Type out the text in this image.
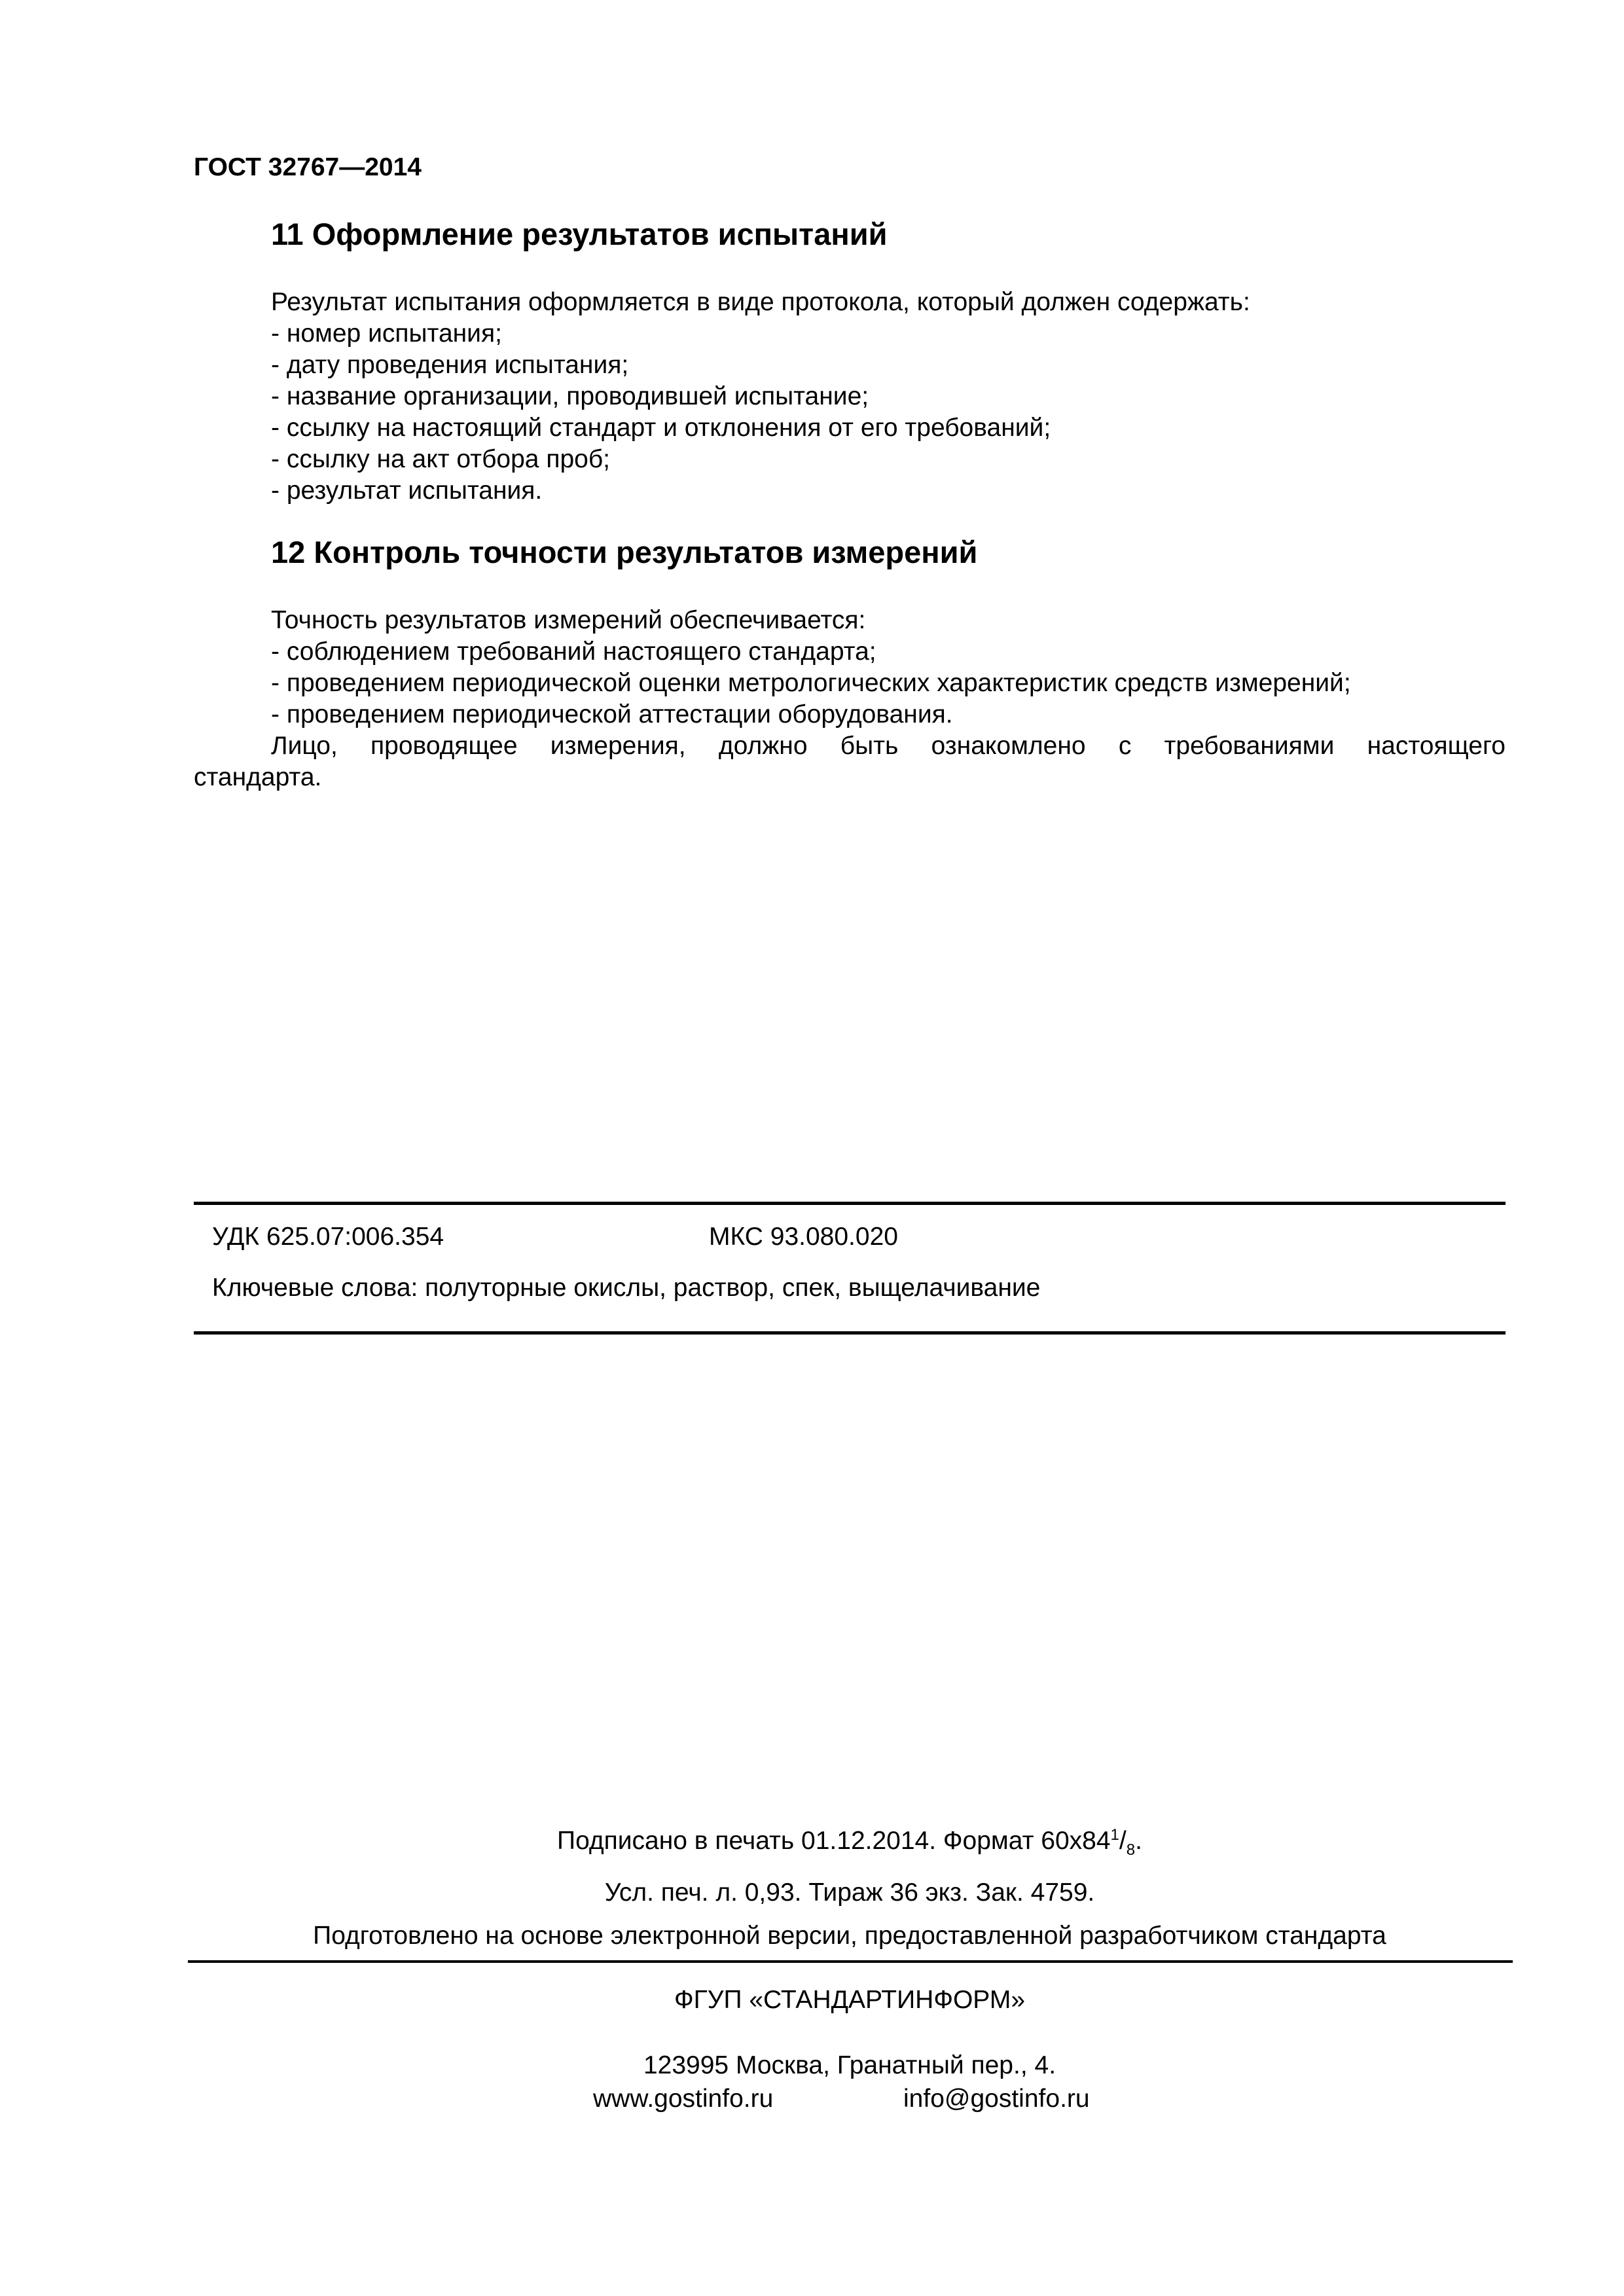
ГОСТ 32767—2014
11 Оформление результатов испытаний
Результат испытания оформляется в виде протокола, который должен содержать:
- номер испытания;
- дату проведения испытания;
- название организации, проводившей испытание;
- ссылку на настоящий стандарт и отклонения от его требований;
- ссылку на акт отбора проб;
- результат испытания.
12 Контроль точности результатов измерений
Точность результатов измерений обеспечивается:
- соблюдением требований настоящего стандарта;
- проведением периодической оценки метрологических характеристик средств измерений;
- проведением периодической аттестации оборудования.
Лицо, проводящее измерения, должно быть ознакомлено с требованиями настоящего
стандарта.
УДК 625.07:006.354	МКС 93.080.020
Ключевые слова: полуторные окислы, раствор, спек, выщелачивание
Подписано в печать 01.12.2014. Формат $60x84^1/_8$.
Усл. печ. л. 0,93. Тираж 36 экз. Зак. 4759.
Подготовлено на основе электронной версии, предоставленной разработчиком стандарта
ФГУП «СТАНДАРТИНФОРМ»
123995 Москва, Гранатный пер., 4.
www.gostinfo.ru	info@gostinfo.ru
